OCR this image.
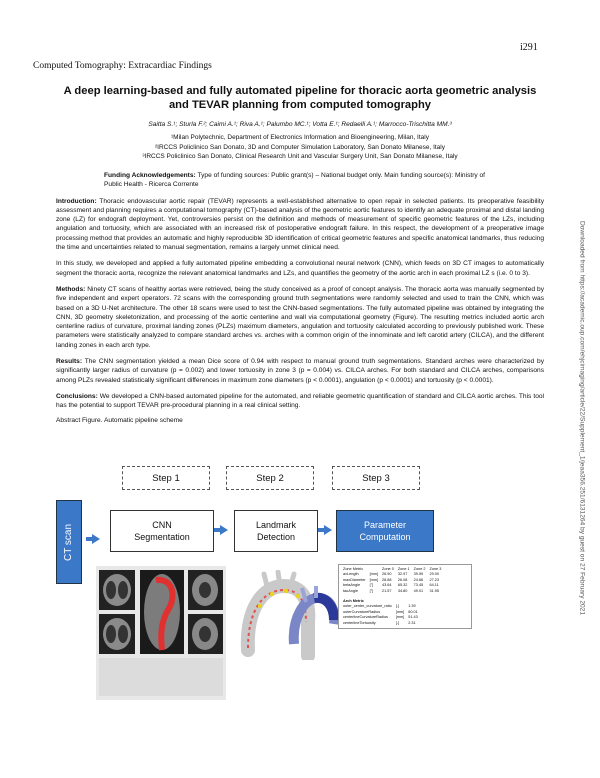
i291
Computed Tomography: Extracardiac Findings
Downloaded from https://academic.oup.com/ehjcimaging/article/22/Supplement_1/jeaa356.251/6131264 by guest on 27 February 2021
A deep learning-based and fully automated pipeline for thoracic aorta geometric analysis and TEVAR planning from computed tomography
Saitta S.¹; Sturla F.²; Caimi A.¹; Riva A.¹; Palumbo MC.¹; Votta E.¹; Redaelli A.¹; Marrocco-Trischitta MM.³
¹Milan Polytechnic, Department of Electronics Information and Bioengineering, Milan, Italy
²IRCCS Policlinico San Donato, 3D and Computer Simulation Laboratory, San Donato Milanese, Italy
³IRCCS Policlinico San Donato, Clinical Research Unit and Vascular Surgery Unit, San Donato Milanese, Italy
Funding Acknowledgements: Type of funding sources: Public grant(s) – National budget only. Main funding source(s): Ministry of Public Health - Ricerca Corrente

Introduction: Thoracic endovascular aortic repair (TEVAR) represents a well-established alternative to open repair in selected patients. Its preoperative feasibility assessment and planning requires a computational tomography (CT)-based analysis of the geometric aortic features to identify an adequate proximal and distal landing zone (LZ) for endograft deployment. Yet, controversies persist on the definition and methods of measurement of specific geometric features of the LZs, including angulation and tortuosity, which are associated with an increased risk of postoperative endograft failure. In this respect, the development of a preoperative image processing method that provides an automatic and highly reproducible 3D identification of critical geometric features and specific anatomical landmarks, thus reducing the time and uncertainties related to manual segmentation, remains a largely unmet clinical need.

In this study, we developed and applied a fully automated pipeline embedding a convolutional neural network (CNN), which feeds on 3D CT images to automatically segment the thoracic aorta, recognize the relevant anatomical landmarks and LZs, and quantifies the geometry of the aortic arch in each proximal LZ s (i.e. 0 to 3).

Methods: Ninety CT scans of healthy aortas were retrieved, being the study conceived as a proof of concept analysis. The thoracic aorta was manually segmented by five independent and expert operators. 72 scans with the corresponding ground truth segmentations were randomly selected and used to train the CNN, which was based on a 3D U-Net architecture. The other 18 scans were used to test the CNN-based segmentations. The fully automated pipeline was obtained by integrating the CNN, 3D geometry skeletonization, and processing of the aortic centerline and wall via computational geometry (Figure). The resulting metrics included aortic arch centerline radius of curvature, proximal landing zones (PLZs) maximum diameters, angulation and tortuosity calculated according to previously published work. These parameters were statistically analyzed to compare standard arches vs. arches with a common origin of the innominate and left carotid artery (CILCA), and the different landing zones in each arch type.

Results: The CNN segmentation yielded a mean Dice score of 0.94 with respect to manual ground truth segmentations. Standard arches were characterized by significantly larger radius of curvature (p = 0.002) and lower tortuosity in zone 3 (p = 0.004) vs. CILCA arches. For both standard and CILCA arches, comparisons among PLZs revealed statistically significant differences in maximum zone diameters (p < 0.0001), angulation (p < 0.0001) and tortuosity (p < 0.0001).

Conclusions: We developed a CNN-based automated pipeline for the automated, and reliable geometric quantification of standard and CILCA aortic arches. This tool has the potential to support TEVAR pre-procedural planning in a real clinical setting.

Abstract Figure. Automatic pipeline scheme
Step 1	Step 2	Step 3
CT scan	CNN
Segmentation
Landmark
Detection
Parameter
Computation
Zone Metric		Zone 0	Zone 1	Zone 2	Zone 3
avLength	[mm]	26.90	32.97	39.59	29.00
maxDiameter	[mm]	28.88	26.08	24.66	27.23
betaAngle	[°]	43.64	65.32	73.45	64.11
tauAngle	[°]	21.57	34.80	49.01	31.95
Arch Metric		
outer_center_curvature_ratio	[-]	1.39
outerCurvatureRadius	[mm]	60.01
centerlineCurvatureRadius	[mm]	51.43
centerlineTortuosity	[-]	2.31
